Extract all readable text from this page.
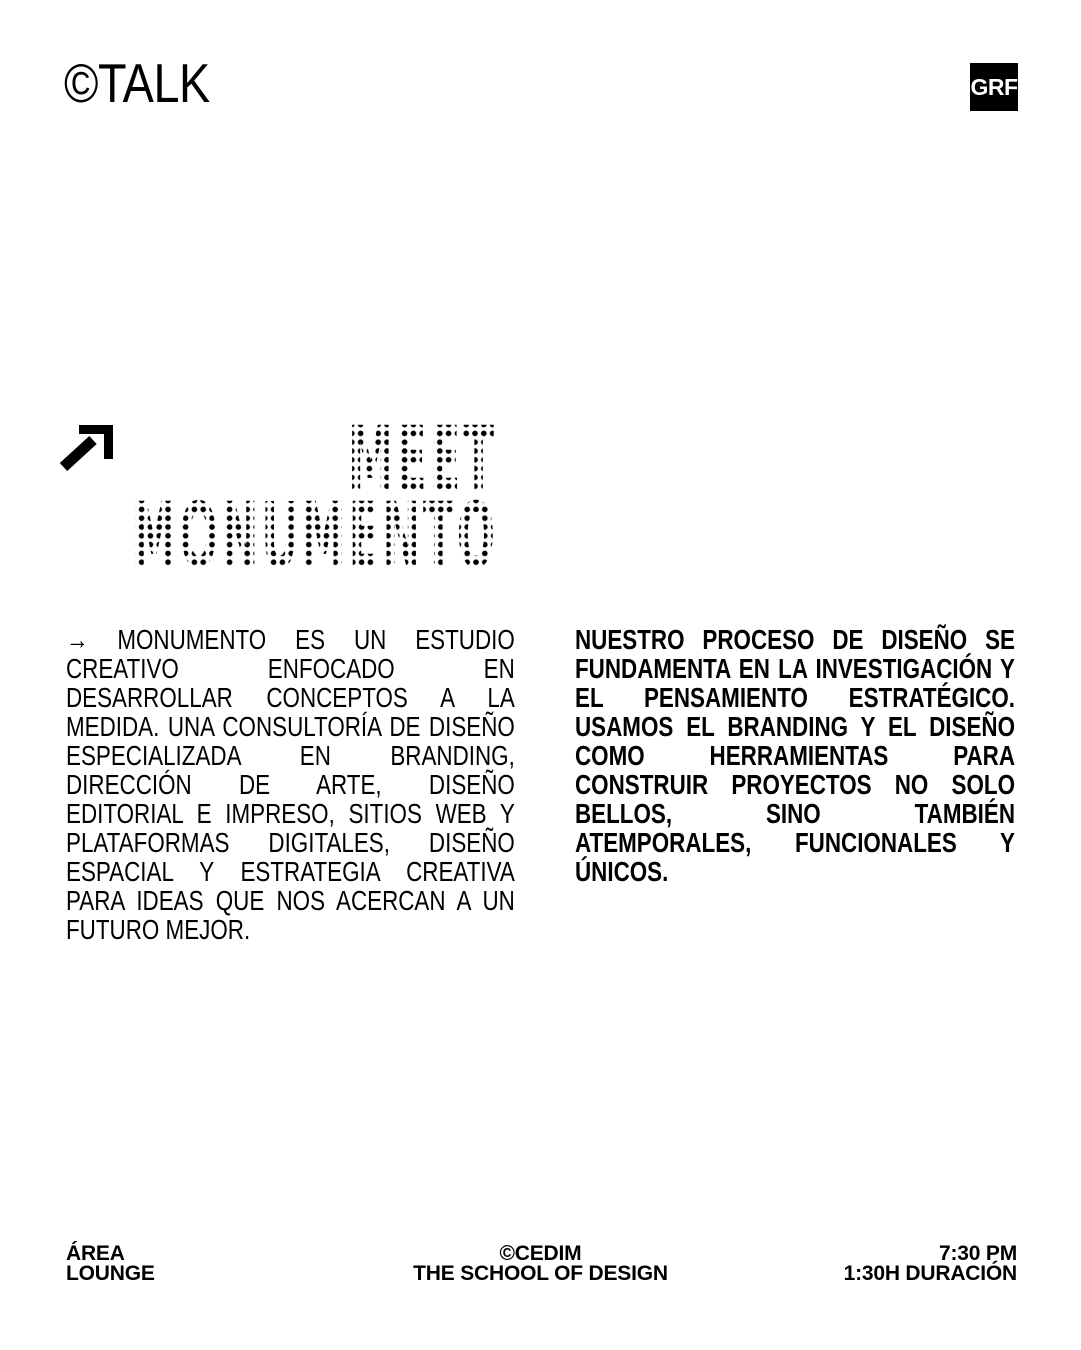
©TALK	GRF
MEET
MONUMENTO
→ MONUMENTO ES UN ESTUDIO CREATIVO ENFOCADO EN DESARROLLAR CONCEPTOS A LA MEDIDA. UNA CONSULTORÍA DE DISEÑO ESPECIALIZADA EN BRANDING, DIRECCIÓN DE ARTE, DISEÑO EDITORIAL E IMPRESO, SITIOS WEB Y PLATAFORMAS DIGITALES, DISEÑO ESPACIAL Y ESTRATEGIA CREATIVA PARA IDEAS QUE NOS ACERCAN A UN FUTURO MEJOR.
NUESTRO PROCESO DE DISEÑO SE FUNDAMENTA EN LA INVESTIGACIÓN Y EL PENSAMIENTO ESTRATÉGICO. USAMOS EL BRANDING Y EL DISEÑO COMO HERRAMIENTAS PARA CONSTRUIR PROYECTOS NO SOLO BELLOS, SINO TAMBIÉN ATEMPORALES, FUNCIONALES Y ÚNICOS.
ÁREA
LOUNGE
©CEDIM
THE SCHOOL OF DESIGN
7:30 PM
1:30H DURACIÓN
